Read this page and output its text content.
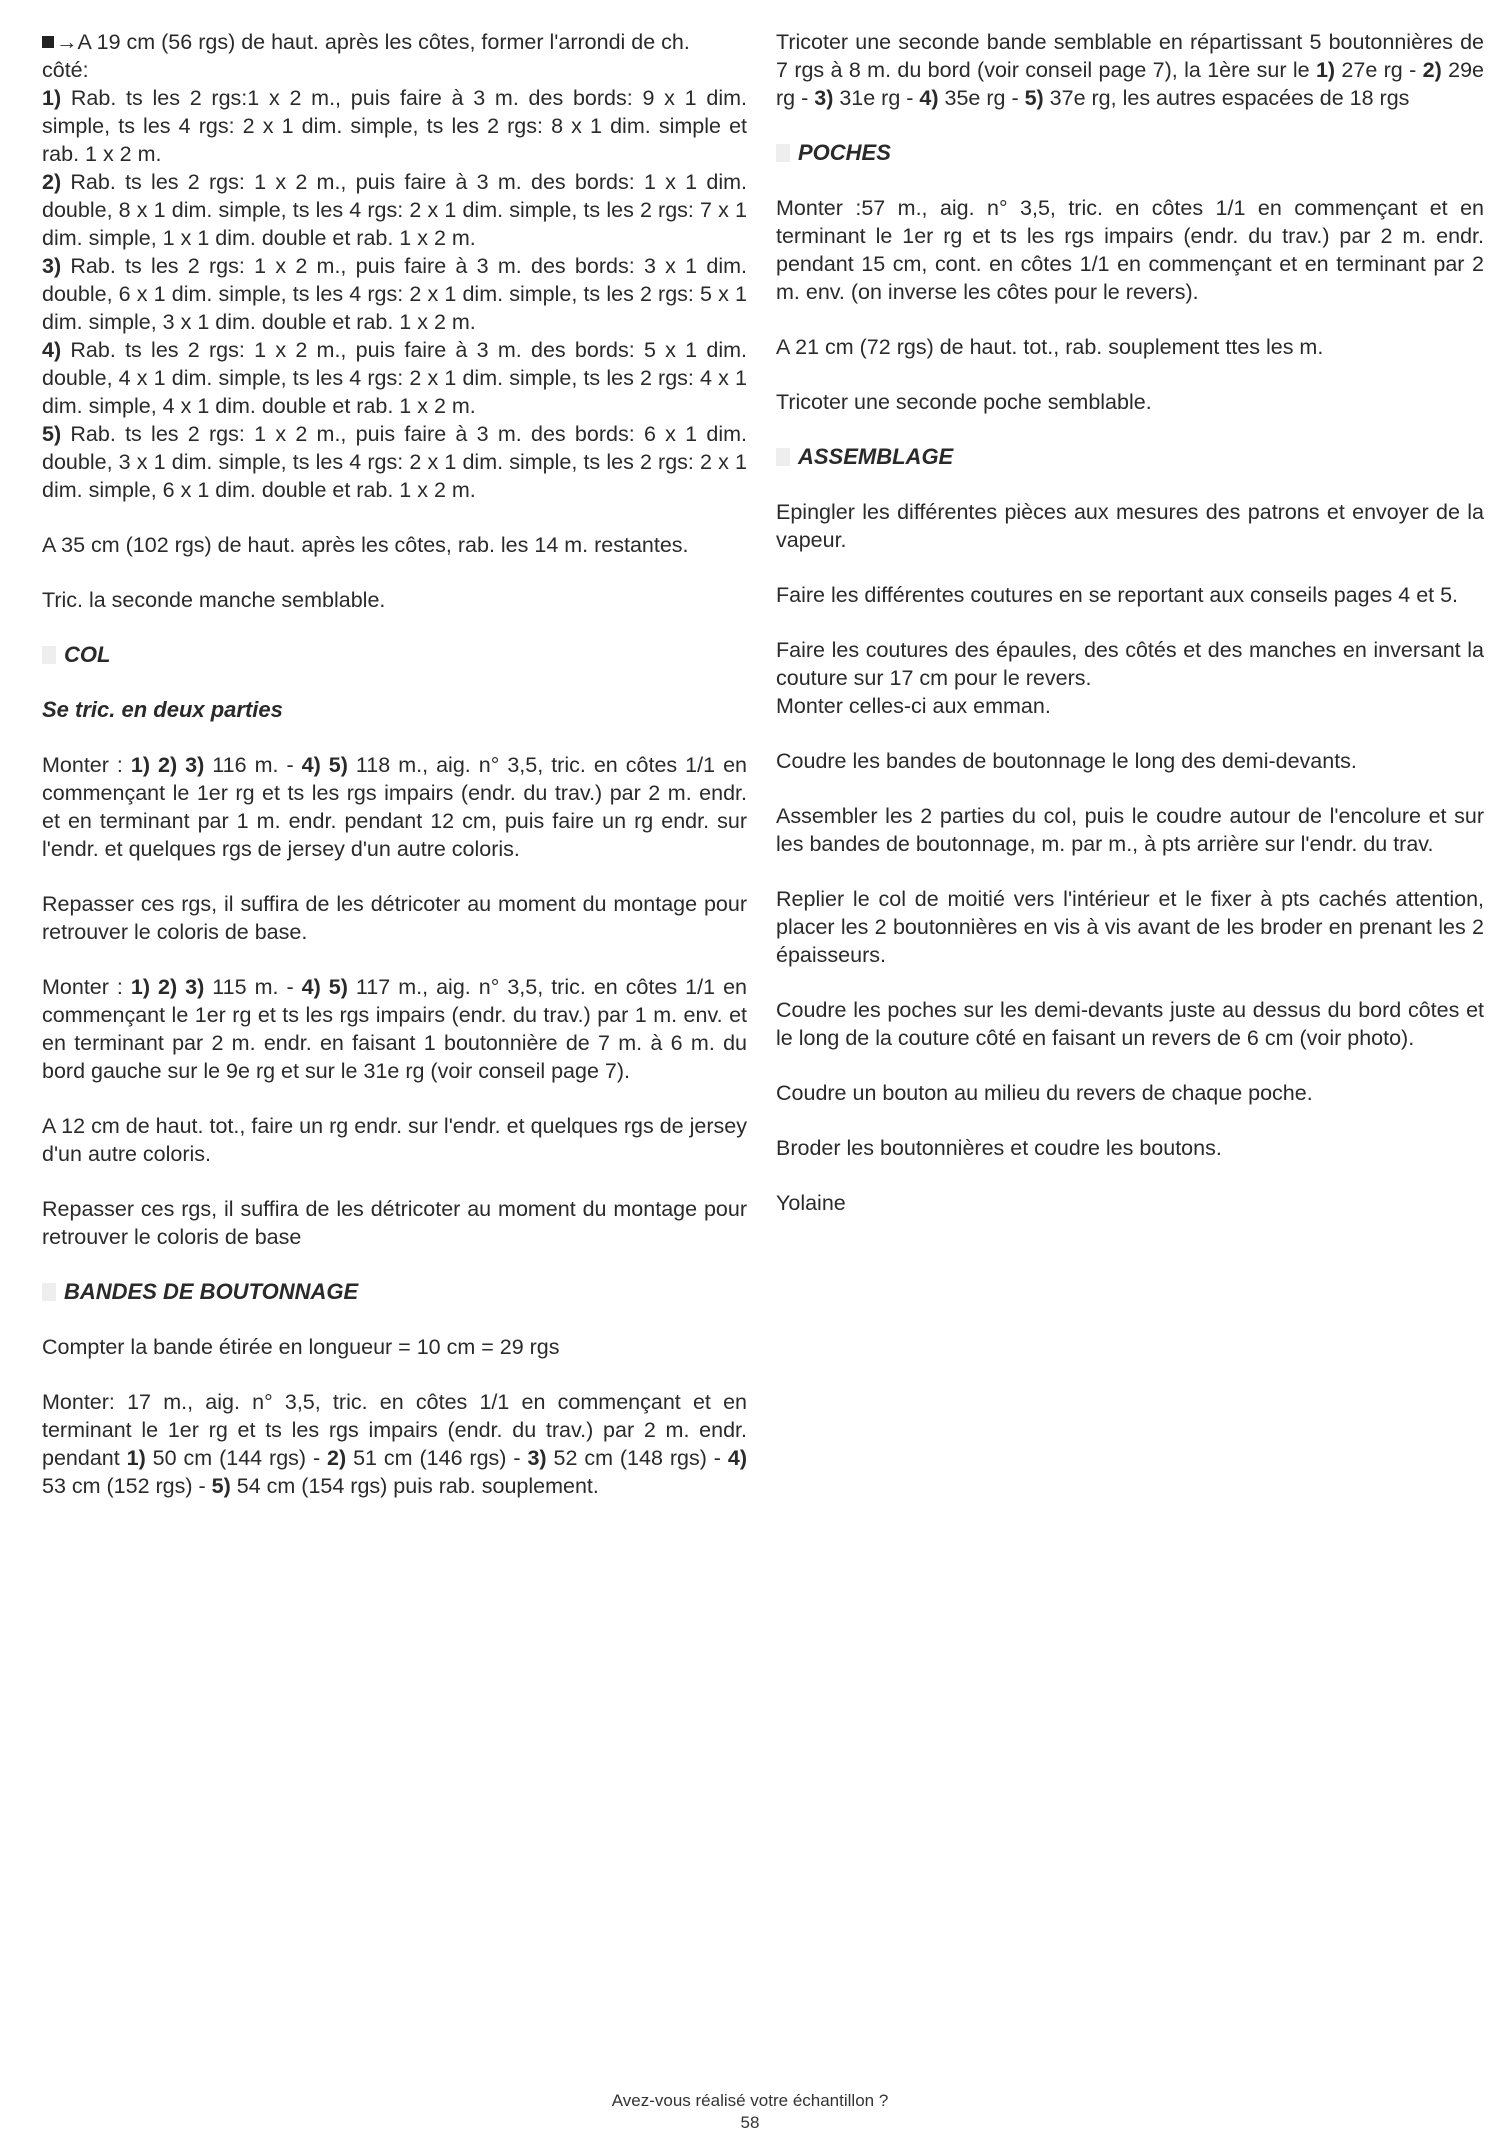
→A 19 cm (56 rgs) de haut. après les côtes, former l'arrondi de ch.
côté:

1) Rab. ts les 2 rgs:1 x 2 m., puis faire à 3 m. des bords: 9 x 1 dim. simple, ts les 4 rgs: 2 x 1 dim. simple, ts les 2 rgs: 8 x 1 dim. simple et rab. 1 x 2 m.

2) Rab. ts les 2 rgs: 1 x 2 m., puis faire à 3 m. des bords: 1 x 1 dim. double, 8 x 1 dim. simple, ts les 4 rgs: 2 x 1 dim. simple, ts les 2 rgs: 7 x 1 dim. simple, 1 x 1 dim. double et rab. 1 x 2 m.

3) Rab. ts les 2 rgs: 1 x 2 m., puis faire à 3 m. des bords: 3 x 1 dim. double, 6 x 1 dim. simple, ts les 4 rgs: 2 x 1 dim. simple, ts les 2 rgs: 5 x 1 dim. simple, 3 x 1 dim. double et rab. 1 x 2 m.

4) Rab. ts les 2 rgs: 1 x 2 m., puis faire à 3 m. des bords: 5 x 1 dim. double, 4 x 1 dim. simple, ts les 4 rgs: 2 x 1 dim. simple, ts les 2 rgs: 4 x 1 dim. simple, 4 x 1 dim. double et rab. 1 x 2 m.

5) Rab. ts les 2 rgs: 1 x 2 m., puis faire à 3 m. des bords: 6 x 1 dim. double, 3 x 1 dim. simple, ts les 4 rgs: 2 x 1 dim. simple, ts les 2 rgs: 2 x 1 dim. simple, 6 x 1 dim. double et rab. 1 x 2 m.

A 35 cm (102 rgs) de haut. après les côtes, rab. les 14 m. restantes.

Tric. la seconde manche semblable.

COL

Se tric. en deux parties

Monter : 1) 2) 3) 116 m. - 4) 5) 118 m., aig. n° 3,5, tric. en côtes 1/1 en commençant le 1er rg et ts les rgs impairs (endr. du trav.) par 2 m. endr. et en terminant par 1 m. endr. pendant 12 cm, puis faire un rg endr. sur l'endr. et quelques rgs de jersey d'un autre coloris.

Repasser ces rgs, il suffira de les détricoter au moment du montage pour retrouver le coloris de base.

Monter : 1) 2) 3) 115 m. - 4) 5) 117 m., aig. n° 3,5, tric. en côtes 1/1 en commençant le 1er rg et ts les rgs impairs (endr. du trav.) par 1 m. env. et en terminant par 2 m. endr. en faisant 1 boutonnière de 7 m. à 6 m. du bord gauche sur le 9e rg et sur le 31e rg (voir conseil page 7).

A 12 cm de haut. tot., faire un rg endr. sur l'endr. et quelques rgs de jersey d'un autre coloris.

Repasser ces rgs, il suffira de les détricoter au moment du montage pour retrouver le coloris de base

BANDES DE BOUTONNAGE

Compter la bande étirée en longueur = 10 cm = 29 rgs

Monter: 17 m., aig. n° 3,5, tric. en côtes 1/1 en commençant et en terminant le 1er rg et ts les rgs impairs (endr. du trav.) par 2 m. endr. pendant 1) 50 cm (144 rgs) - 2) 51 cm (146 rgs) - 3) 52 cm (148 rgs) - 4) 53 cm (152 rgs) - 5) 54 cm (154 rgs) puis rab. souplement.

Tricoter une seconde bande semblable en répartissant 5 boutonnières de 7 rgs à 8 m. du bord (voir conseil page 7), la 1ère sur le 1) 27e rg - 2) 29e rg - 3) 31e rg - 4) 35e rg - 5) 37e rg, les autres espacées de 18 rgs

POCHES

Monter :57 m., aig. n° 3,5, tric. en côtes 1/1 en commençant et en terminant le 1er rg et ts les rgs impairs (endr. du trav.) par 2 m. endr. pendant 15 cm, cont. en côtes 1/1 en commençant et en terminant par 2 m. env. (on inverse les côtes pour le revers).

A 21 cm (72 rgs) de haut. tot., rab. souplement ttes les m.

Tricoter une seconde poche semblable.

ASSEMBLAGE

Epingler les différentes pièces aux mesures des patrons et envoyer de la vapeur.

Faire les différentes coutures en se reportant aux conseils pages 4 et 5.

Faire les coutures des épaules, des côtés et des manches en inversant la couture sur 17 cm pour le revers.
Monter celles-ci aux emman.

Coudre les bandes de boutonnage le long des demi-devants.

Assembler les 2 parties du col, puis le coudre autour de l'encolure et sur les bandes de boutonnage, m. par m., à pts arrière sur l'endr. du trav.

Replier le col de moitié vers l'intérieur et le fixer à pts cachés attention, placer les 2 boutonnières en vis à vis avant de les broder en prenant les 2 épaisseurs.

Coudre les poches sur les demi-devants juste au dessus du bord côtes et le long de la couture côté en faisant un revers de 6 cm (voir photo).

Coudre un bouton au milieu du revers de chaque poche.

Broder les boutonnières et coudre les boutons.

Yolaine

Avez-vous réalisé votre échantillon ?
58
